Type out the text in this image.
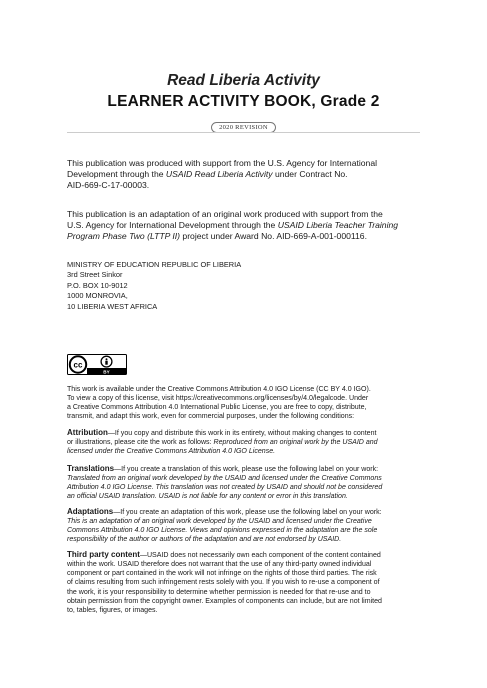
Read Liberia Activity
LEARNER ACTIVITY BOOK, Grade 2
2020 REVISION

This publication was produced with support from the U.S. Agency for International

Development through the USAID Read Liberia Activity under Contract No.

AID-669-C-17-00003.

This publication is an adaptation of an original work produced with support from the

U.S. Agency for International Development through the USAID Liberia Teacher Training

Program Phase Two (LTTP II) project under Award No. AID-669-A-001-000116.

MINISTRY OF EDUCATION REPUBLIC OF LIBERIA

3rd Street Sinkor

P.O. BOX 10-9012

1000 MONROVIA,

10 LIBERIA WEST AFRICA

cc
BY

This work is available under the Creative Commons Attribution 4.0 IGO License (CC BY 4.0 IGO).

To view a copy of this license, visit https://creativecommons.org/licenses/by/4.0/legalcode. Under

a Creative Commons Attribution 4.0 International Public License, you are free to copy, distribute,

transmit, and adapt this work, even for commercial purposes, under the following conditions:

Attribution—If you copy and distribute this work in its entirety, without making changes to content

or illustrations, please cite the work as follows: Reproduced from an original work by the USAID and

licensed under the Creative Commons Attribution 4.0 IGO License.

Translations—If you create a translation of this work, please use the following label on your work:

Translated from an original work developed by the USAID and licensed under the Creative Commons

Attribution 4.0 IGO License. This translation was not created by USAID and should not be considered

an official USAID translation. USAID is not liable for any content or error in this translation.

Adaptations—If you create an adaptation of this work, please use the following label on your work:

This is an adaptation of an original work developed by the USAID and licensed under the Creative

Commons Attribution 4.0 IGO License. Views and opinions expressed in the adaptation are the sole

responsibility of the author or authors of the adaptation and are not endorsed by USAID.

Third party content—USAID does not necessarily own each component of the content contained

within the work. USAID therefore does not warrant that the use of any third-party owned individual

component or part contained in the work will not infringe on the rights of those third parties. The risk

of claims resulting from such infringement rests solely with you. If you wish to re-use a component of

the work, it is your responsibility to determine whether permission is needed for that re-use and to

obtain permission from the copyright owner. Examples of components can include, but are not limited

to, tables, figures, or images.
